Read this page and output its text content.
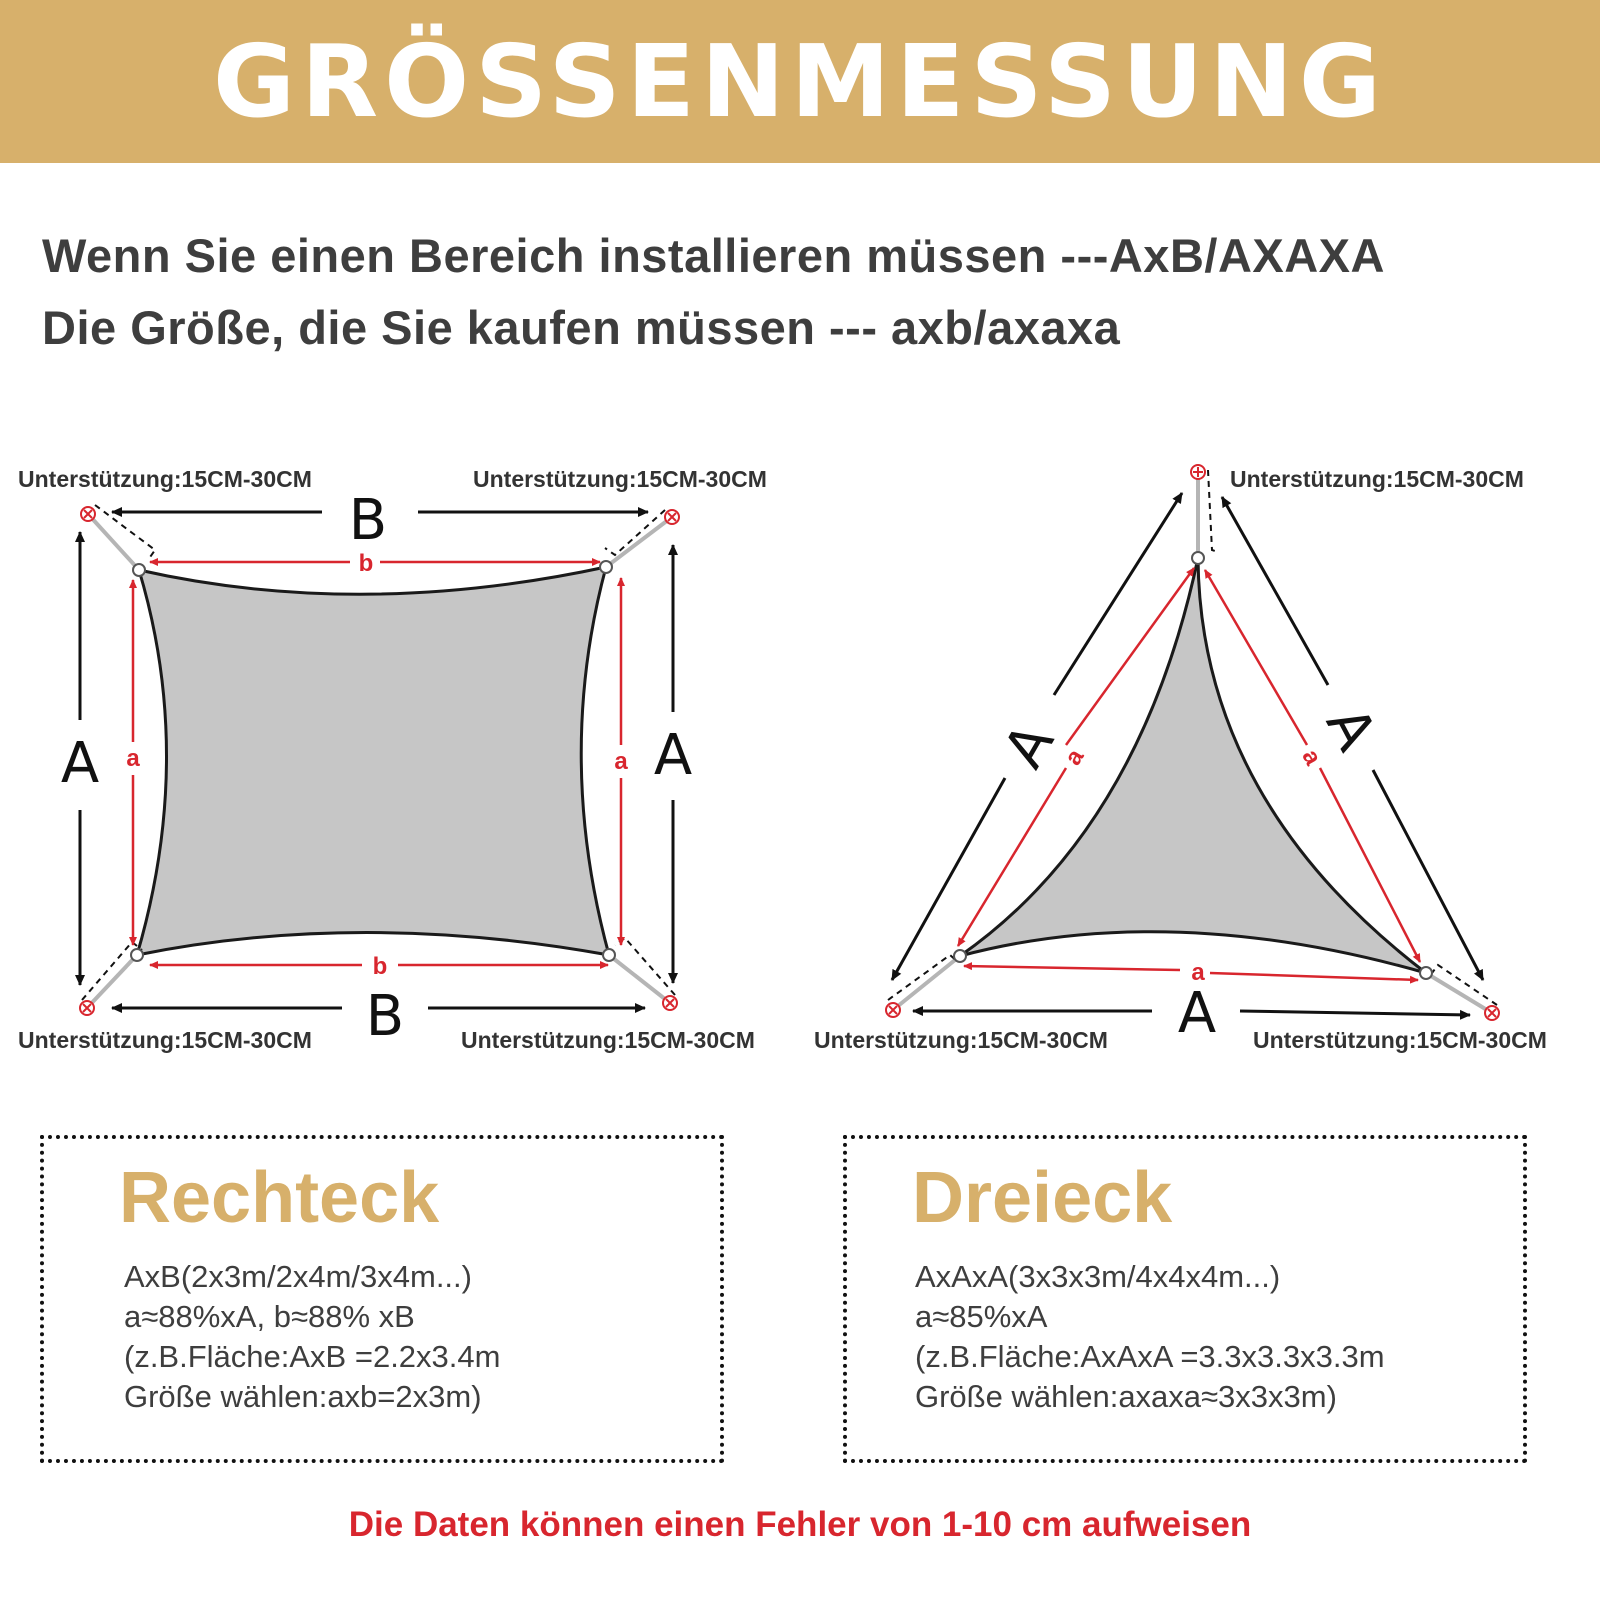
GRÖSSENMESSUNG
Wenn Sie einen Bereich installieren müssen ---AxB/AXAXA
Die Größe, die Sie kaufen müssen --- axb/axaxa
B
B
A	A
b
b
a	a
Unterstützung:15CM-30CM	Unterstützung:15CM-30CM
Unterstützung:15CM-30CM	Unterstützung:15CM-30CM
A	A
A
a	a
a
Unterstützung:15CM-30CM
Unterstützung:15CM-30CM	Unterstützung:15CM-30CM
Rechteck
AxB(2x3m/2x4m/3x4m...)
a≈88%xA, b≈88% xB
(z.B.Fläche:AxB =2.2x3.4m
Größe wählen:axb=2x3m)
Dreieck
AxAxA(3x3x3m/4x4x4m...)
a≈85%xA
(z.B.Fläche:AxAxA =3.3x3.3x3.3m
Größe wählen:axaxa≈3x3x3m)
Die Daten können einen Fehler von 1-10 cm aufweisen
